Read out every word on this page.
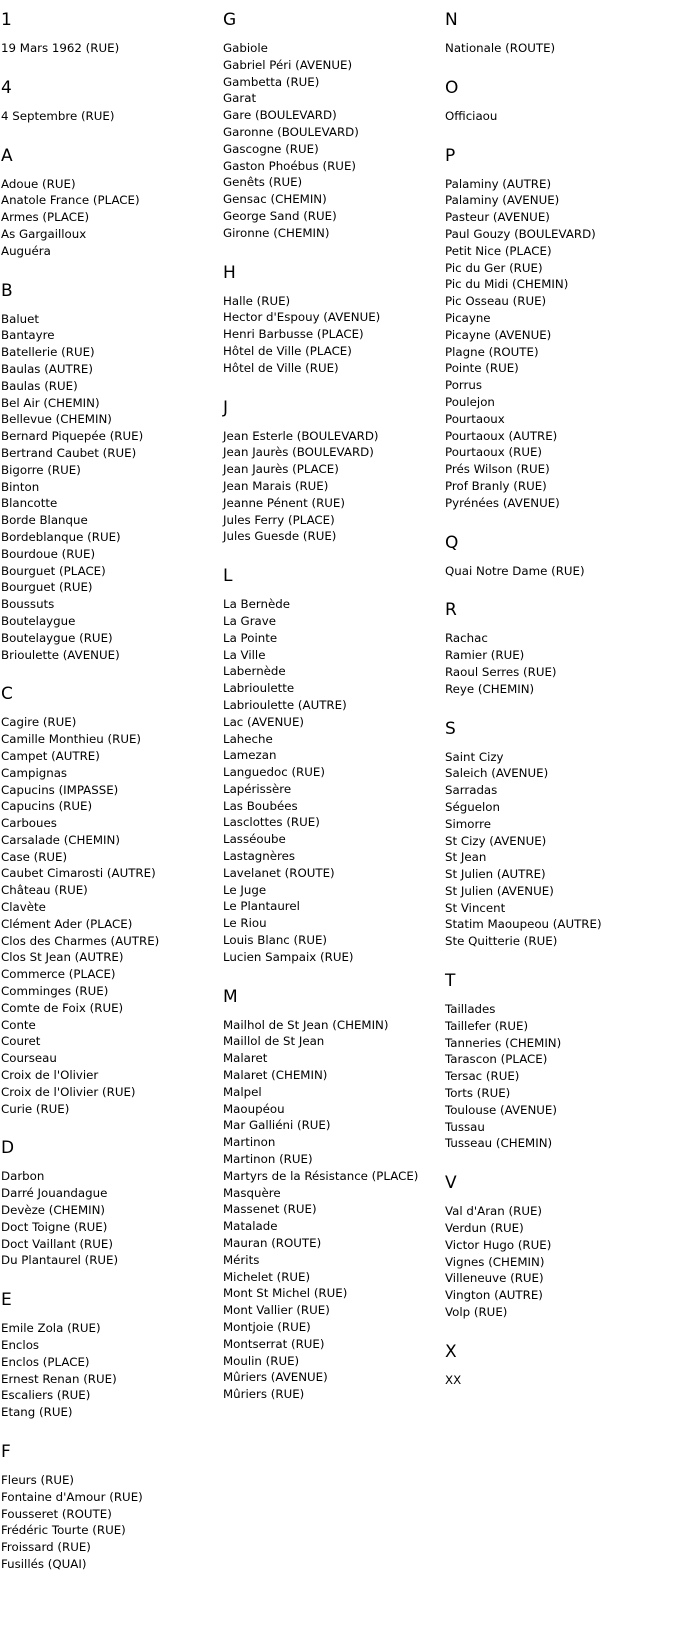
1
19 Mars 1962 (RUE)
4
4 Septembre (RUE)
A
Adoue (RUE)
Anatole France (PLACE)
Armes (PLACE)
As Gargailloux
Auguéra
B
Baluet
Bantayre
Batellerie (RUE)
Baulas (AUTRE)
Baulas (RUE)
Bel Air (CHEMIN)
Bellevue (CHEMIN)
Bernard Piquepée (RUE)
Bertrand Caubet (RUE)
Bigorre (RUE)
Binton
Blancotte
Borde Blanque
Bordeblanque (RUE)
Bourdoue (RUE)
Bourguet (PLACE)
Bourguet (RUE)
Boussuts
Boutelaygue
Boutelaygue (RUE)
Brioulette (AVENUE)
C
Cagire (RUE)
Camille Monthieu (RUE)
Campet (AUTRE)
Campignas
Capucins (IMPASSE)
Capucins (RUE)
Carboues
Carsalade (CHEMIN)
Case (RUE)
Caubet Cimarosti (AUTRE)
Château (RUE)
Clavète
Clément Ader (PLACE)
Clos des Charmes (AUTRE)
Clos St Jean (AUTRE)
Commerce (PLACE)
Comminges (RUE)
Comte de Foix (RUE)
Conte
Couret
Courseau
Croix de l'Olivier
Croix de l'Olivier (RUE)
Curie (RUE)
D
Darbon
Darré Jouandague
Devèze (CHEMIN)
Doct Toigne (RUE)
Doct Vaillant (RUE)
Du Plantaurel (RUE)
E
Emile Zola (RUE)
Enclos
Enclos (PLACE)
Ernest Renan (RUE)
Escaliers (RUE)
Etang (RUE)
F
Fleurs (RUE)
Fontaine d'Amour (RUE)
Fousseret (ROUTE)
Frédéric Tourte (RUE)
Froissard (RUE)
Fusillés (QUAI)
G
Gabiole
Gabriel Péri (AVENUE)
Gambetta (RUE)
Garat
Gare (BOULEVARD)
Garonne (BOULEVARD)
Gascogne (RUE)
Gaston Phoébus (RUE)
Genêts (RUE)
Gensac (CHEMIN)
George Sand (RUE)
Gironne (CHEMIN)
H
Halle (RUE)
Hector d'Espouy (AVENUE)
Henri Barbusse (PLACE)
Hôtel de Ville (PLACE)
Hôtel de Ville (RUE)
J
Jean Esterle (BOULEVARD)
Jean Jaurès (BOULEVARD)
Jean Jaurès (PLACE)
Jean Marais (RUE)
Jeanne Pénent (RUE)
Jules Ferry (PLACE)
Jules Guesde (RUE)
L
La Bernède
La Grave
La Pointe
La Ville
Labernède
Labrioulette
Labrioulette (AUTRE)
Lac (AVENUE)
Laheche
Lamezan
Languedoc (RUE)
Lapérissère
Las Boubées
Lasclottes (RUE)
Lasséoube
Lastagnères
Lavelanet (ROUTE)
Le Juge
Le Plantaurel
Le Riou
Louis Blanc (RUE)
Lucien Sampaix (RUE)
M
Mailhol de St Jean (CHEMIN)
Maillol de St Jean
Malaret
Malaret (CHEMIN)
Malpel
Maoupéou
Mar Galliéni (RUE)
Martinon
Martinon (RUE)
Martyrs de la Résistance (PLACE)
Masquère
Massenet (RUE)
Matalade
Mauran (ROUTE)
Mérits
Michelet (RUE)
Mont St Michel (RUE)
Mont Vallier (RUE)
Montjoie (RUE)
Montserrat (RUE)
Moulin (RUE)
Mûriers (AVENUE)
Mûriers (RUE)
N
Nationale (ROUTE)
O
Officiaou
P
Palaminy (AUTRE)
Palaminy (AVENUE)
Pasteur (AVENUE)
Paul Gouzy (BOULEVARD)
Petit Nice (PLACE)
Pic du Ger (RUE)
Pic du Midi (CHEMIN)
Pic Osseau (RUE)
Picayne
Picayne (AVENUE)
Plagne (ROUTE)
Pointe (RUE)
Porrus
Poulejon
Pourtaoux
Pourtaoux (AUTRE)
Pourtaoux (RUE)
Prés Wilson (RUE)
Prof Branly (RUE)
Pyrénées (AVENUE)
Q
Quai Notre Dame (RUE)
R
Rachac
Ramier (RUE)
Raoul Serres (RUE)
Reye (CHEMIN)
S
Saint Cizy
Saleich (AVENUE)
Sarradas
Séguelon
Simorre
St Cizy (AVENUE)
St Jean
St Julien (AUTRE)
St Julien (AVENUE)
St Vincent
Statim Maoupeou (AUTRE)
Ste Quitterie (RUE)
T
Taillades
Taillefer (RUE)
Tanneries (CHEMIN)
Tarascon (PLACE)
Tersac (RUE)
Torts (RUE)
Toulouse (AVENUE)
Tussau
Tusseau (CHEMIN)
V
Val d'Aran (RUE)
Verdun (RUE)
Victor Hugo (RUE)
Vignes (CHEMIN)
Villeneuve (RUE)
Vington (AUTRE)
Volp (RUE)
X
XX
